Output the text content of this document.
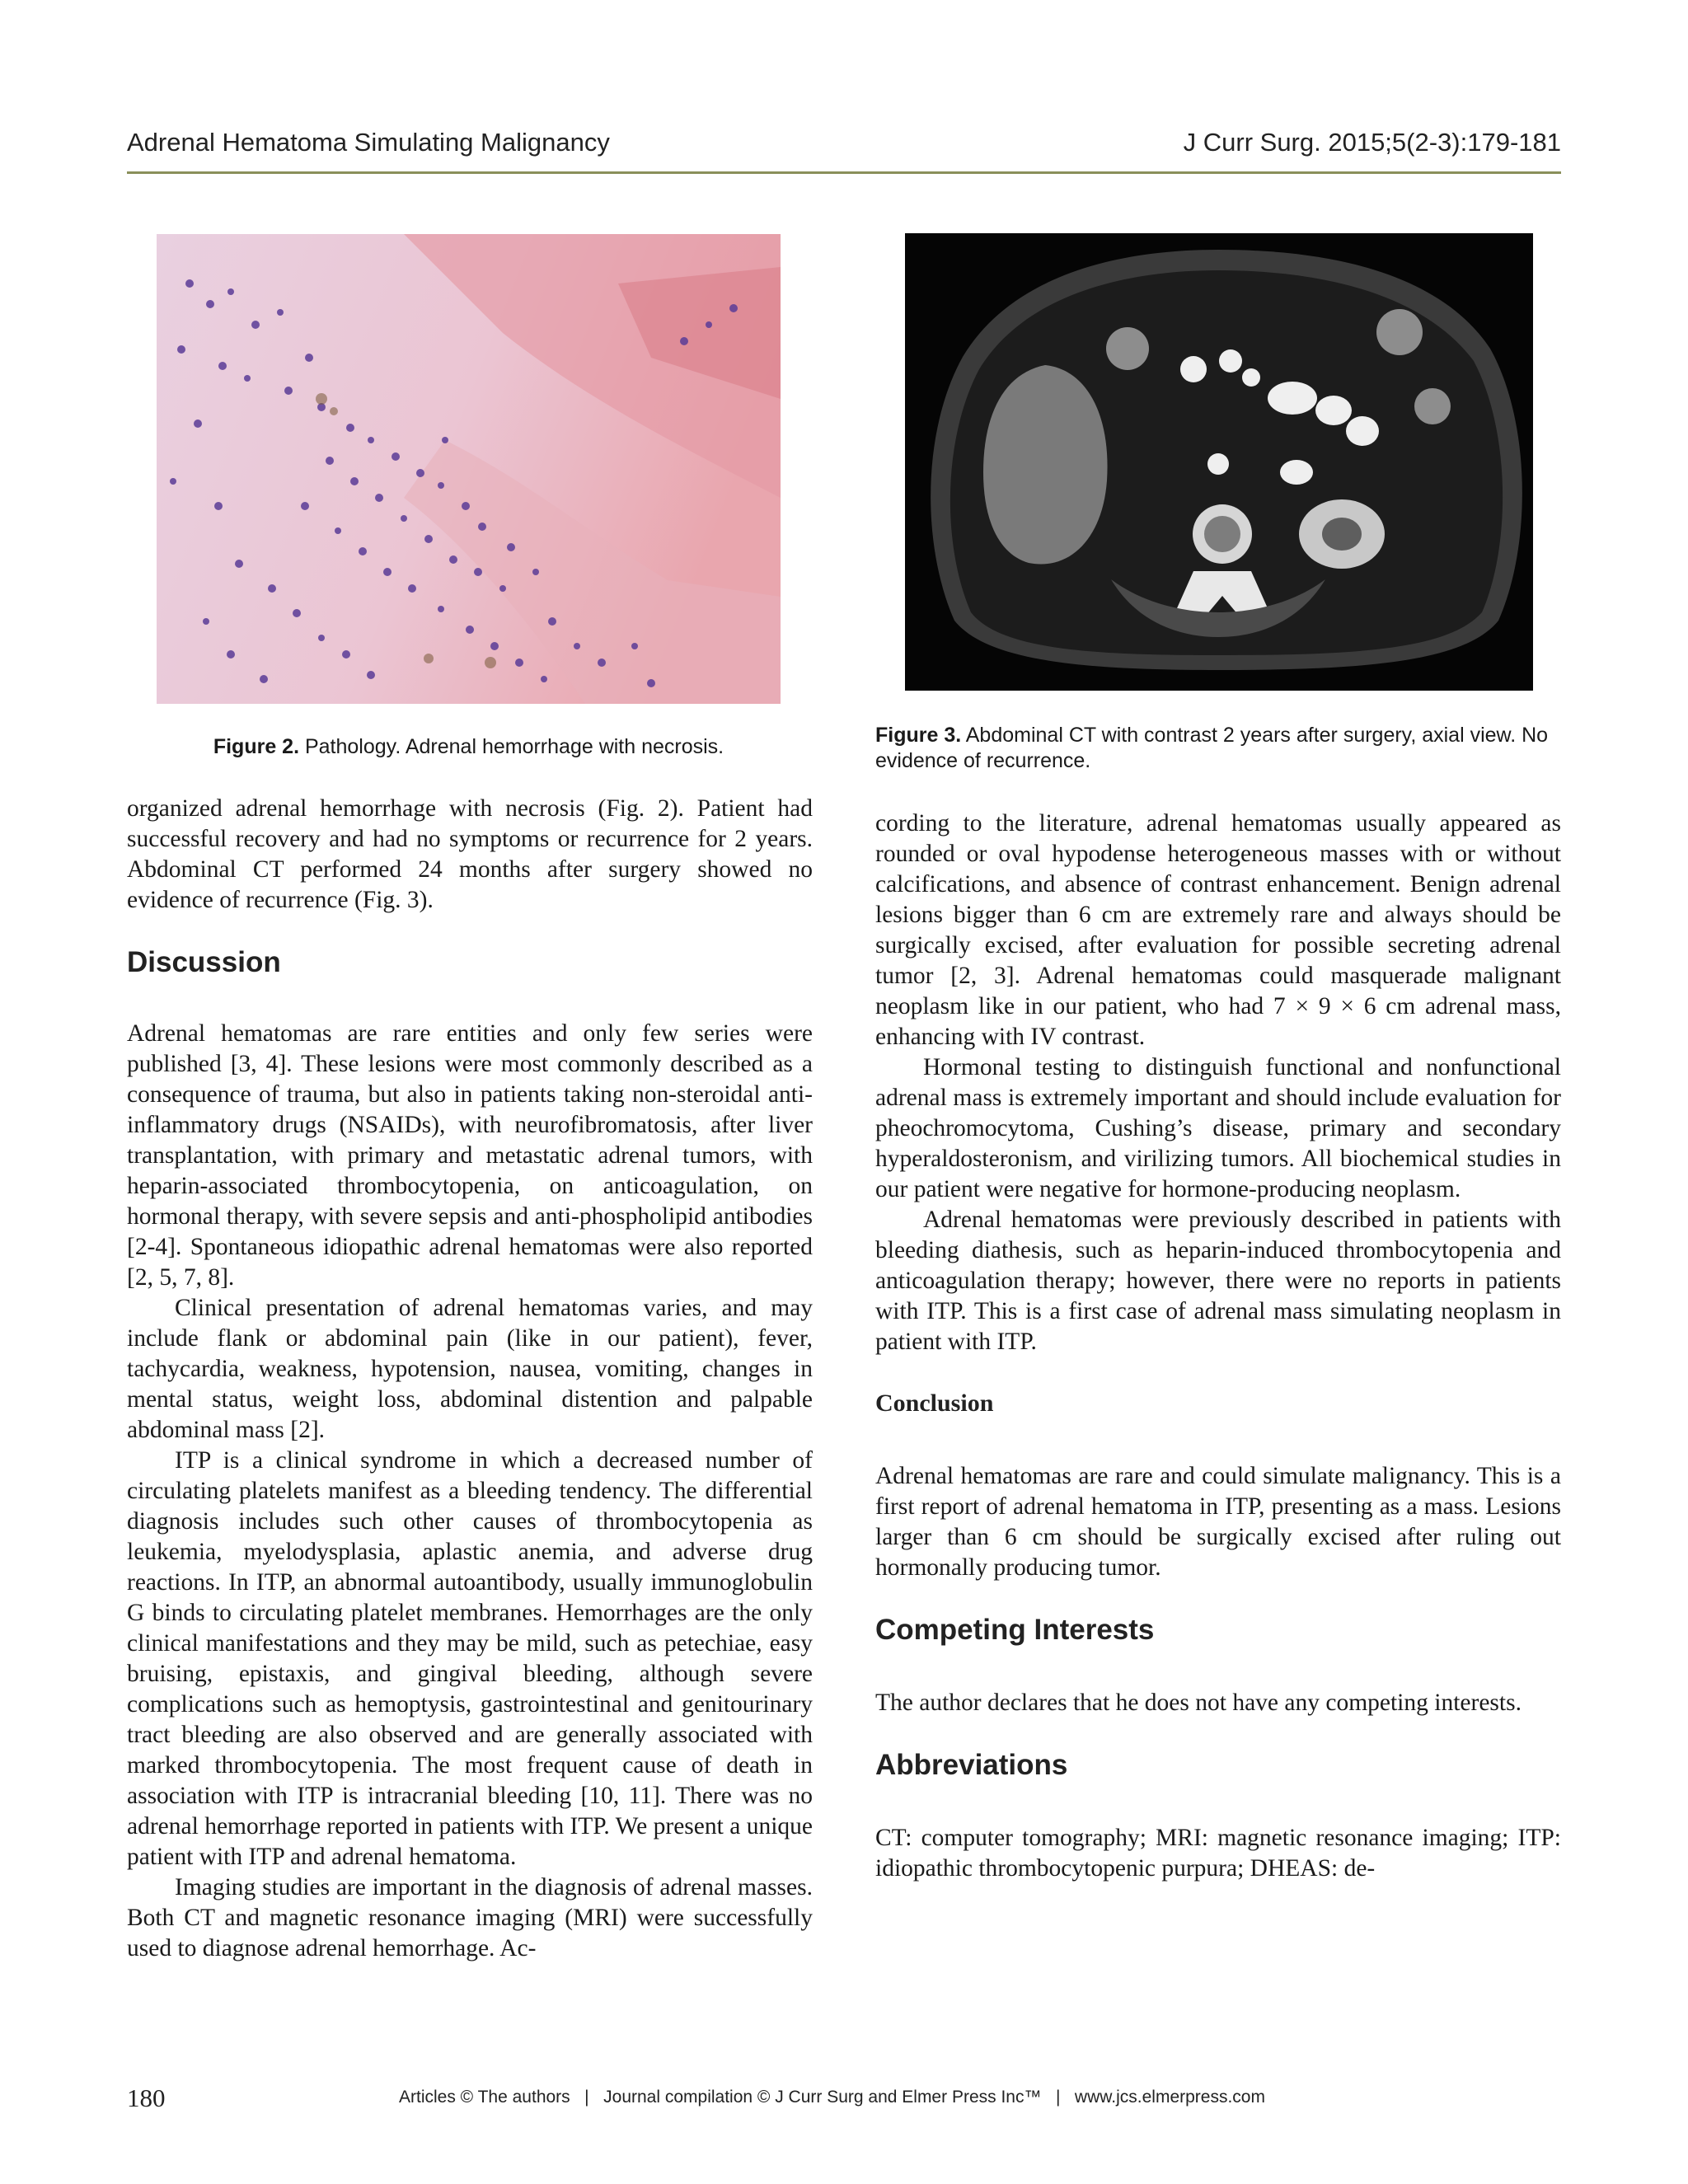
Adrenal Hematoma Simulating Malignancy	J Curr Surg. 2015;5(2-3):179-181
Figure 2. Pathology. Adrenal hemorrhage with necrosis.	Figure 3. Abdominal CT with contrast 2 years after surgery, axial view. No evidence of recurrence.

organized adrenal hemorrhage with necrosis (Fig. 2). Patient had successful recovery and had no symptoms or recurrence for 2 years. Abdominal CT performed 24 months after surgery showed no evidence of recurrence (Fig. 3).

Discussion

Adrenal hematomas are rare entities and only few series were published [3, 4]. These lesions were most commonly described as a consequence of trauma, but also in patients taking non-steroidal anti-inflammatory drugs (NSAIDs), with neurofibromatosis, after liver transplantation, with primary and metastatic adrenal tumors, with heparin-associated thrombocytopenia, on anticoagulation, on hormonal therapy, with severe sepsis and anti-phospholipid antibodies [2-4]. Spontaneous idiopathic adrenal hematomas were also reported [2, 5, 7, 8].

Clinical presentation of adrenal hematomas varies, and may include flank or abdominal pain (like in our patient), fever, tachycardia, weakness, hypotension, nausea, vomiting, changes in mental status, weight loss, abdominal distention and palpable abdominal mass [2].

ITP is a clinical syndrome in which a decreased number of circulating platelets manifest as a bleeding tendency. The differential diagnosis includes such other causes of thrombocytopenia as leukemia, myelodysplasia, aplastic anemia, and adverse drug reactions. In ITP, an abnormal autoantibody, usually immunoglobulin G binds to circulating platelet membranes. Hemorrhages are the only clinical manifestations and they may be mild, such as petechiae, easy bruising, epistaxis, and gingival bleeding, although severe complications such as hemoptysis, gastrointestinal and genitourinary tract bleeding are also observed and are generally associated with marked thrombocytopenia. The most frequent cause of death in association with ITP is intracranial bleeding [10, 11]. There was no adrenal hemorrhage reported in patients with ITP. We present a unique patient with ITP and adrenal hematoma.

Imaging studies are important in the diagnosis of adrenal masses. Both CT and magnetic resonance imaging (MRI) were successfully used to diagnose adrenal hemorrhage. Ac-

cording to the literature, adrenal hematomas usually appeared as rounded or oval hypodense heterogeneous masses with or without calcifications, and absence of contrast enhancement. Benign adrenal lesions bigger than 6 cm are extremely rare and always should be surgically excised, after evaluation for possible secreting adrenal tumor [2, 3]. Adrenal hematomas could masquerade malignant neoplasm like in our patient, who had 7 × 9 × 6 cm adrenal mass, enhancing with IV contrast.

Hormonal testing to distinguish functional and nonfunctional adrenal mass is extremely important and should include evaluation for pheochromocytoma, Cushing’s disease, primary and secondary hyperaldosteronism, and virilizing tumors. All biochemical studies in our patient were negative for hormone-producing neoplasm.

Adrenal hematomas were previously described in patients with bleeding diathesis, such as heparin-induced thrombocytopenia and anticoagulation therapy; however, there were no reports in patients with ITP. This is a first case of adrenal mass simulating neoplasm in patient with ITP.

Conclusion

Adrenal hematomas are rare and could simulate malignancy. This is a first report of adrenal hematoma in ITP, presenting as a mass. Lesions larger than 6 cm should be surgically excised after ruling out hormonally producing tumor.

Competing Interests

The author declares that he does not have any competing interests.

Abbreviations

CT: computer tomography; MRI: magnetic resonance imaging; ITP: idiopathic thrombocytopenic purpura; DHEAS: de-

180	Articles © The authors   |   Journal compilation © J Curr Surg and Elmer Press Inc™   |   www.jcs.elmerpress.com
